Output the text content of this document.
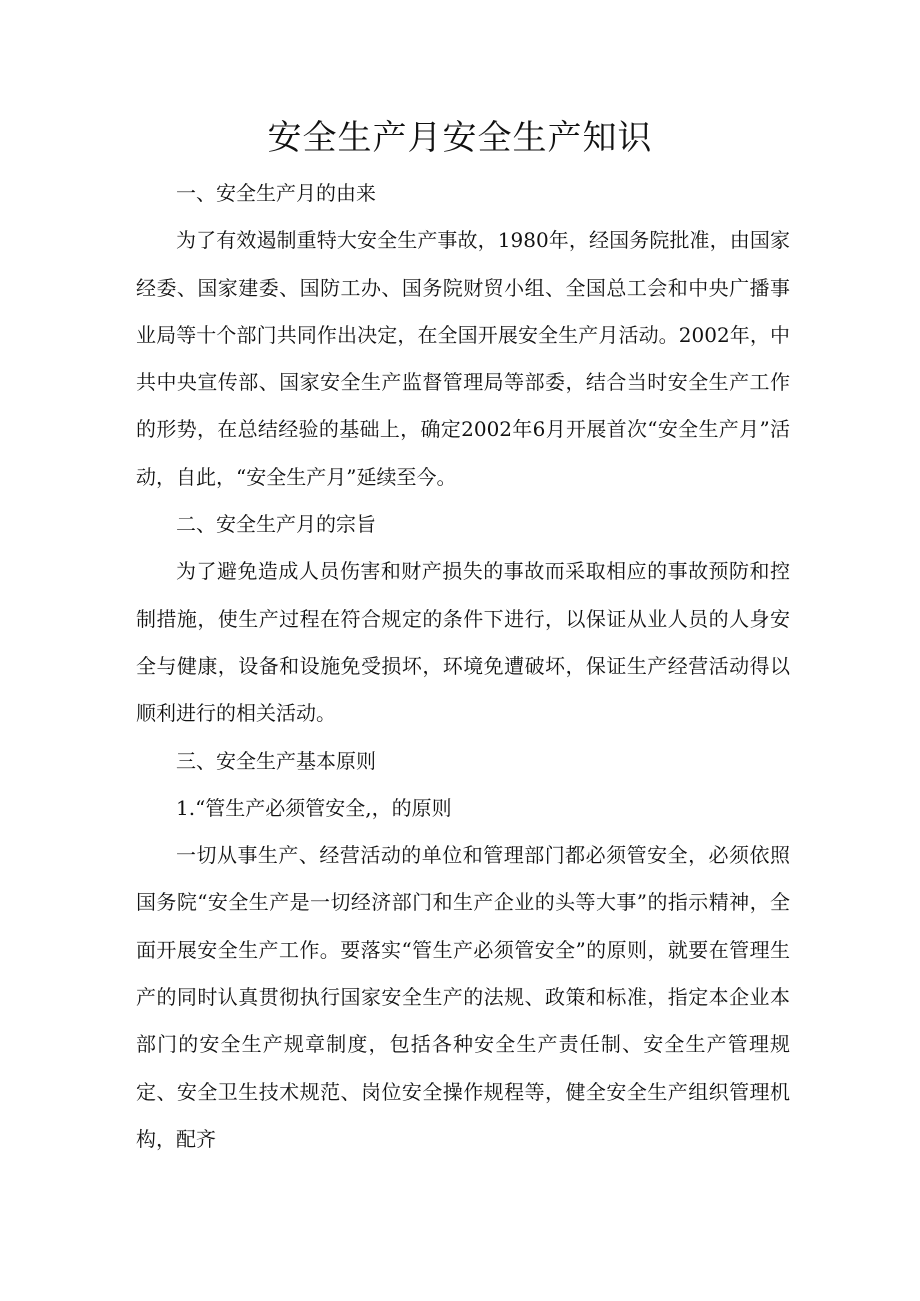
安全生产月安全生产知识

一、安全生产月的由来

为了有效遏制重特大安全生产事故，1980年，经国务院批准，由国家经委、国家建委、国防工办、国务院财贸小组、全国总工会和中央广播事业局等十个部门共同作出决定，在全国开展安全生产月活动。2002年，中共中央宣传部、国家安全生产监督管理局等部委，结合当时安全生产工作的形势，在总结经验的基础上，确定2002年6月开展首次“安全生产月”活动，自此，“安全生产月”延续至今。

二、安全生产月的宗旨

为了避免造成人员伤害和财产损失的事故而采取相应的事故预防和控制措施，使生产过程在符合规定的条件下进行，以保证从业人员的人身安全与健康，设备和设施免受损坏，环境免遭破坏，保证生产经营活动得以顺利进行的相关活动。

三、安全生产基本原则

1.“管生产必须管安全,，的原则

一切从事生产、经营活动的单位和管理部门都必须管安全，必须依照国务院“安全生产是一切经济部门和生产企业的头等大事”的指示精神，全面开展安全生产工作。要落实“管生产必须管安全”的原则，就要在管理生产的同时认真贯彻执行国家安全生产的法规、政策和标准，指定本企业本部门的安全生产规章制度，包括各种安全生产责任制、安全生产管理规定、安全卫生技术规范、岗位安全操作规程等，健全安全生产组织管理机构，配齐
